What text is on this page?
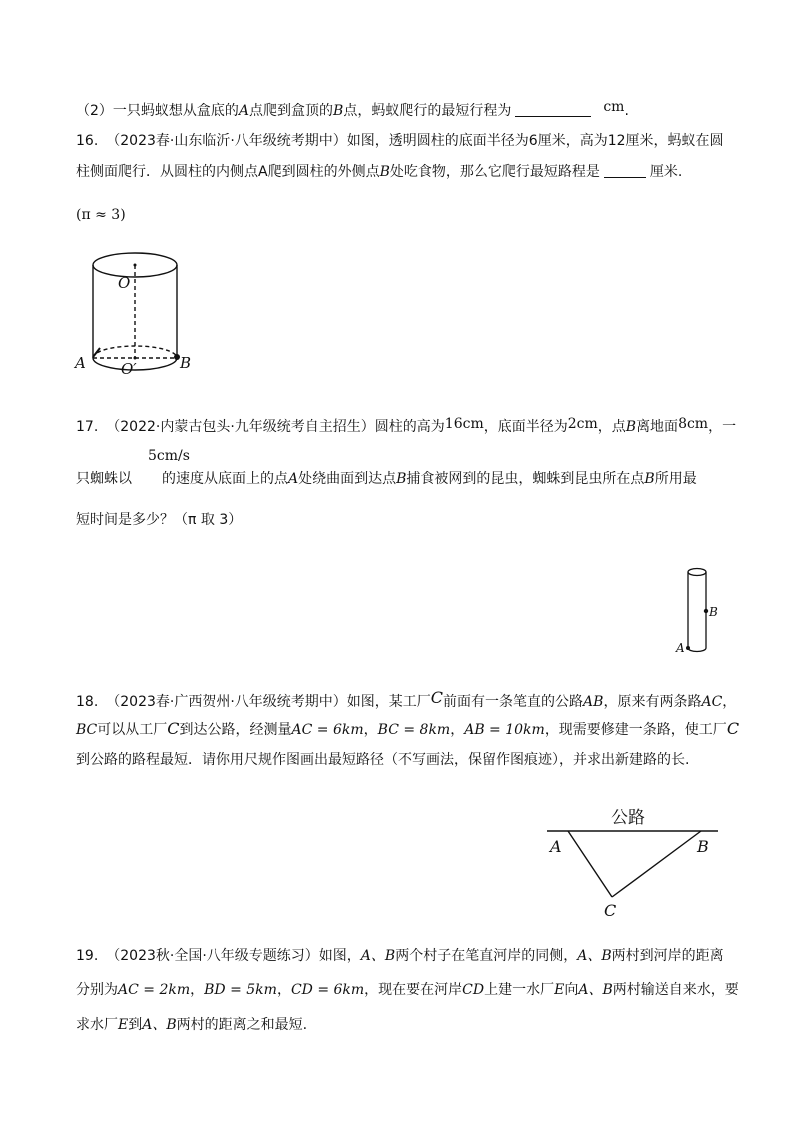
（2）一只蚂蚁想从盒底的A点爬到盒顶的B点，蚂蚁爬行的最短行程为	cm.
16. （2023春·山东临沂·八年级统考期中）如图，透明圆柱的底面半径为6厘米，高为12厘米，蚂蚁在圆
柱侧面爬行．从圆柱的内侧点A爬到圆柱的外侧点B处吃食物，那么它爬行最短路程是	厘米.
(π ≈ 3)
O
O′
A	B
17. （2022·内蒙古包头·九年级统考自主招生）圆柱的高为16cm，底面半径为2cm，点B离地面8cm，一
5cm/s
只蜘蛛以 的速度从底面上的点A处绕曲面到达点B捕食被网到的昆虫，蜘蛛到昆虫所在点B所用最
短时间是多少？（π 取 3）
B
A
18. （2023春·广西贺州·八年级统考期中）如图，某工厂C前面有一条笔直的公路AB，原来有两条路AC，
BC可以从工厂C到达公路，经测量AC = 6km，BC = 8km，AB = 10km，现需要修建一条路，使工厂C
到公路的路程最短．请你用尺规作图画出最短路径（不写画法，保留作图痕迹），并求出新建路的长.
公路
A	B
C
19. （2023秋·全国·八年级专题练习）如图，A、B两个村子在笔直河岸的同侧，A、B两村到河岸的距离
分别为AC = 2km，BD = 5km，CD = 6km，现在要在河岸CD上建一水厂E向A、B两村输送自来水，要
求水厂E到A、B两村的距离之和最短.
